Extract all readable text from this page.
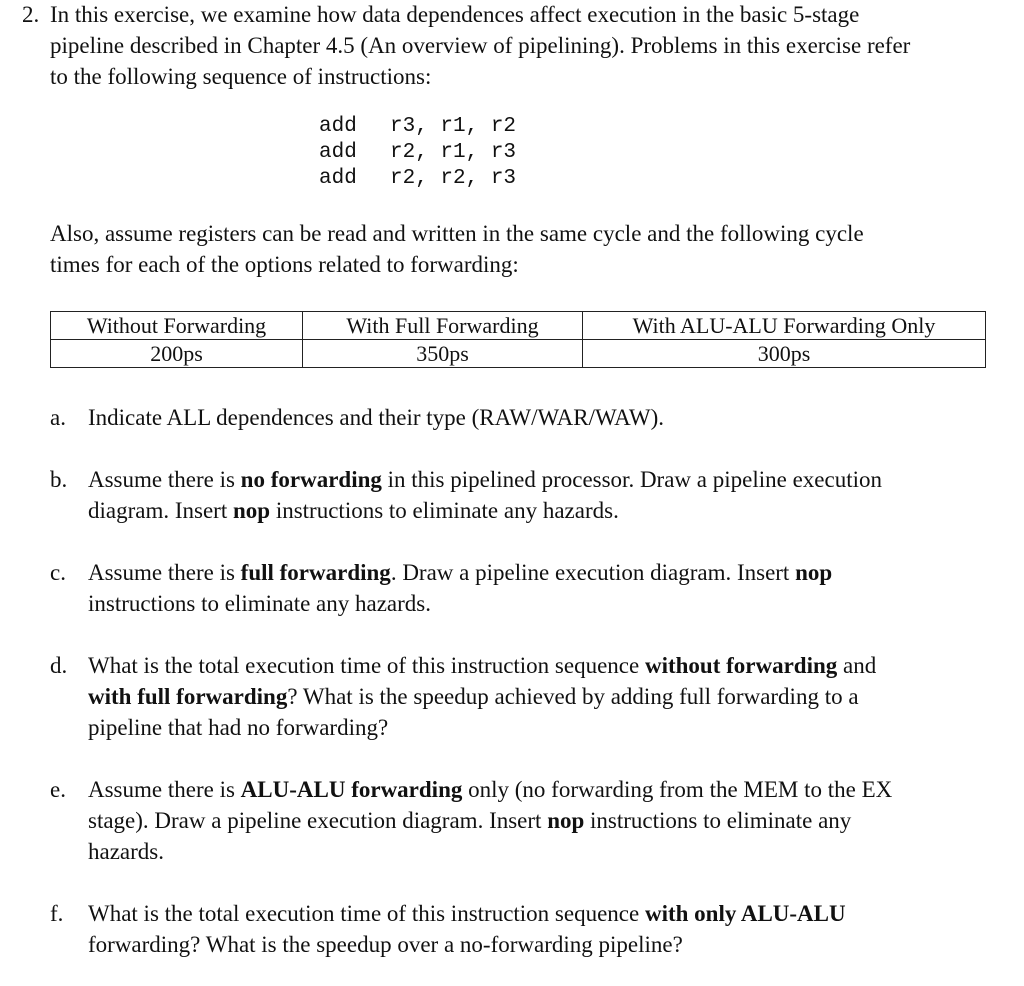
2. In this exercise, we examine how data dependences affect execution in the basic 5-stage
pipeline described in Chapter 4.5 (An overview of pipelining). Problems in this exercise refer
to the following sequence of instructions:
add r3, r1, r2
add r2, r1, r3
add r2, r2, r3
Also, assume registers can be read and written in the same cycle and the following cycle
times for each of the options related to forwarding:
Without Forwarding	With Full Forwarding	With ALU-ALU Forwarding Only
200ps	350ps	300ps
a. Indicate ALL dependences and their type (RAW/WAR/WAW).
b. Assume there is no forwarding in this pipelined processor. Draw a pipeline execution
diagram. Insert nop instructions to eliminate any hazards.
c. Assume there is full forwarding. Draw a pipeline execution diagram. Insert nop
instructions to eliminate any hazards.
d. What is the total execution time of this instruction sequence without forwarding and
with full forwarding? What is the speedup achieved by adding full forwarding to a
pipeline that had no forwarding?
e. Assume there is ALU-ALU forwarding only (no forwarding from the MEM to the EX
stage). Draw a pipeline execution diagram. Insert nop instructions to eliminate any
hazards.
f. What is the total execution time of this instruction sequence with only ALU-ALU
forwarding? What is the speedup over a no-forwarding pipeline?
